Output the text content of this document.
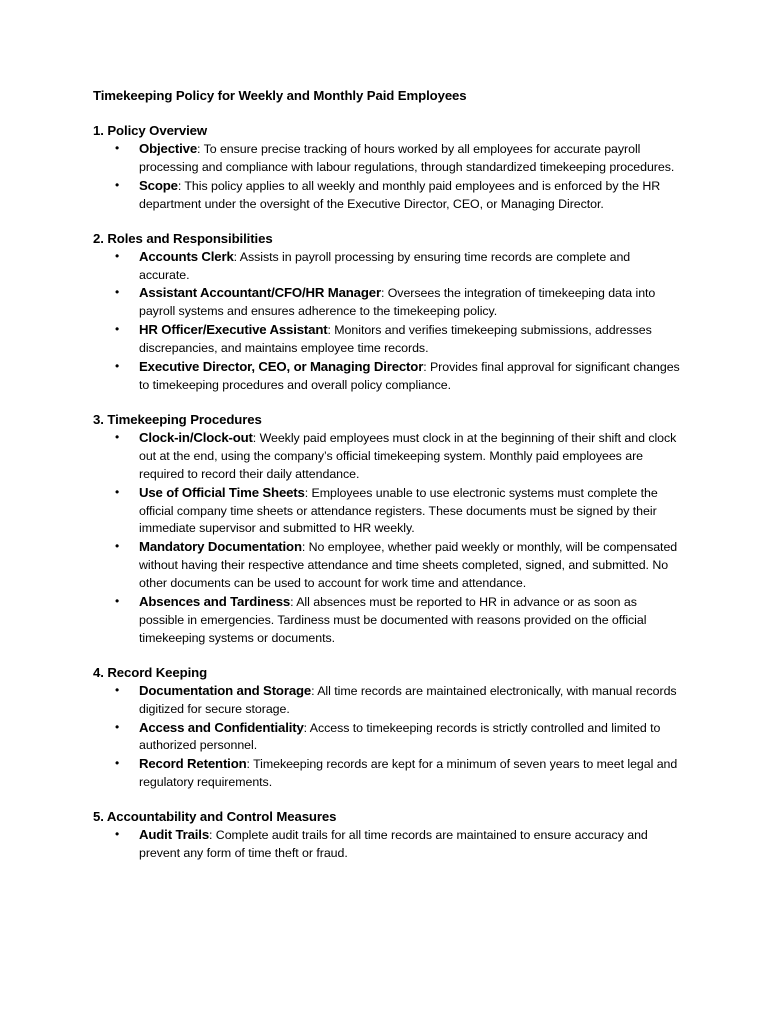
Timekeeping Policy for Weekly and Monthly Paid Employees
1. Policy Overview
• Objective: To ensure precise tracking of hours worked by all employees for accurate payroll processing and compliance with labour regulations, through standardized timekeeping procedures.
• Scope: This policy applies to all weekly and monthly paid employees and is enforced by the HR department under the oversight of the Executive Director, CEO, or Managing Director.
2. Roles and Responsibilities
• Accounts Clerk: Assists in payroll processing by ensuring time records are complete and accurate.
• Assistant Accountant/CFO/HR Manager: Oversees the integration of timekeeping data into payroll systems and ensures adherence to the timekeeping policy.
• HR Officer/Executive Assistant: Monitors and verifies timekeeping submissions, addresses discrepancies, and maintains employee time records.
• Executive Director, CEO, or Managing Director: Provides final approval for significant changes to timekeeping procedures and overall policy compliance.
3. Timekeeping Procedures
• Clock-in/Clock-out: Weekly paid employees must clock in at the beginning of their shift and clock out at the end, using the company’s official timekeeping system. Monthly paid employees are required to record their daily attendance.
• Use of Official Time Sheets: Employees unable to use electronic systems must complete the official company time sheets or attendance registers. These documents must be signed by their immediate supervisor and submitted to HR weekly.
• Mandatory Documentation: No employee, whether paid weekly or monthly, will be compensated without having their respective attendance and time sheets completed, signed, and submitted. No other documents can be used to account for work time and attendance.
• Absences and Tardiness: All absences must be reported to HR in advance or as soon as possible in emergencies. Tardiness must be documented with reasons provided on the official timekeeping systems or documents.
4. Record Keeping
• Documentation and Storage: All time records are maintained electronically, with manual records digitized for secure storage.
• Access and Confidentiality: Access to timekeeping records is strictly controlled and limited to authorized personnel.
• Record Retention: Timekeeping records are kept for a minimum of seven years to meet legal and regulatory requirements.
5. Accountability and Control Measures
• Audit Trails: Complete audit trails for all time records are maintained to ensure accuracy and prevent any form of time theft or fraud.
